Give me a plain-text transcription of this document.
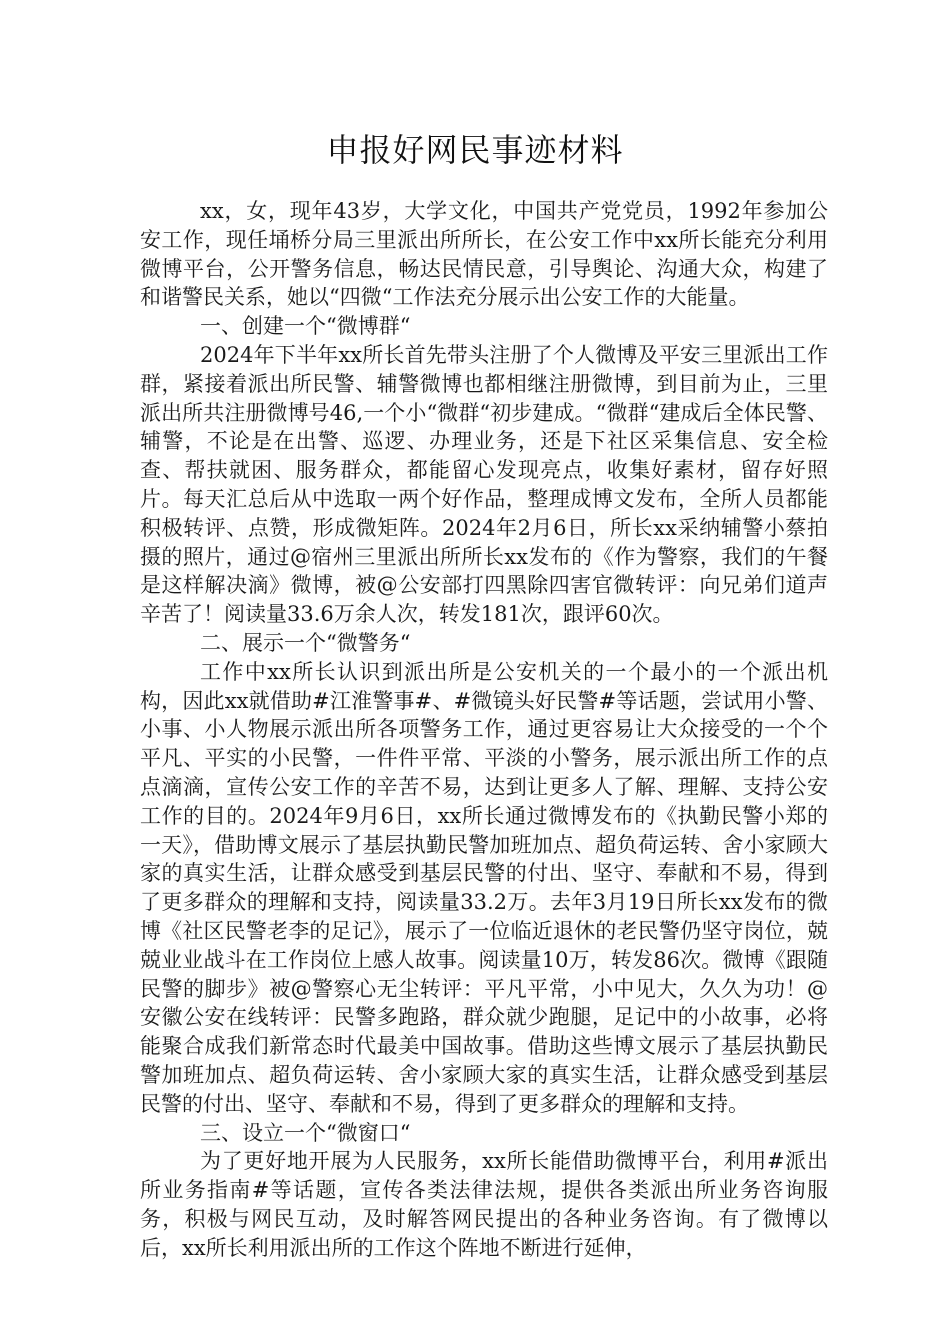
申报好网民事迹材料

xx，女，现年43岁，大学文化，中国共产党党员，1992年参加公安工作，现任埇桥分局三里派出所所长，在公安工作中xx所长能充分利用微博平台，公开警务信息，畅达民情民意，引导舆论、沟通大众，构建了和谐警民关系，她以“四微“工作法充分展示出公安工作的大能量。

一、创建一个“微博群“

2024年下半年xx所长首先带头注册了个人微博及平安三里派出工作群，紧接着派出所民警、辅警微博也都相继注册微博，到目前为止，三里派出所共注册微博号46,一个小“微群“初步建成。“微群“建成后全体民警、辅警，不论是在出警、巡逻、办理业务，还是下社区采集信息、安全检查、帮扶就困、服务群众，都能留心发现亮点，收集好素材，留存好照片。每天汇总后从中选取一两个好作品，整理成博文发布，全所人员都能积极转评、点赞，形成微矩阵。2024年2月6日，所长xx采纳辅警小蔡拍摄的照片，通过@宿州三里派出所所长xx发布的《作为警察，我们的午餐是这样解决滴》微博，被@公安部打四黑除四害官微转评：向兄弟们道声辛苦了！阅读量33.6万余人次，转发181次，跟评60次。

二、展示一个“微警务“

工作中xx所长认识到派出所是公安机关的一个最小的一个派出机构，因此xx就借助#江淮警事#、#微镜头好民警#等话题，尝试用小警、小事、小人物展示派出所各项警务工作，通过更容易让大众接受的一个个平凡、平实的小民警，一件件平常、平淡的小警务，展示派出所工作的点点滴滴，宣传公安工作的辛苦不易，达到让更多人了解、理解、支持公安工作的目的。2024年9月6日，xx所长通过微博发布的《执勤民警小郑的一天》，借助博文展示了基层执勤民警加班加点、超负荷运转、舍小家顾大家的真实生活，让群众感受到基层民警的付出、坚守、奉献和不易，得到了更多群众的理解和支持，阅读量33.2万。去年3月19日所长xx发布的微博《社区民警老李的足记》，展示了一位临近退休的老民警仍坚守岗位，兢兢业业战斗在工作岗位上感人故事。阅读量10万，转发86次。微博《跟随民警的脚步》被@警察心无尘转评：平凡平常，小中见大，久久为功！@安徽公安在线转评：民警多跑路，群众就少跑腿，足记中的小故事，必将能聚合成我们新常态时代最美中国故事。借助这些博文展示了基层执勤民警加班加点、超负荷运转、舍小家顾大家的真实生活，让群众感受到基层民警的付出、坚守、奉献和不易，得到了更多群众的理解和支持。

三、设立一个“微窗口“

为了更好地开展为人民服务，xx所长能借助微博平台，利用#派出所业务指南#等话题，宣传各类法律法规，提供各类派出所业务咨询服务，积极与网民互动，及时解答网民提出的各种业务咨询。有了微博以后，xx所长利用派出所的工作这个阵地不断进行延伸，
